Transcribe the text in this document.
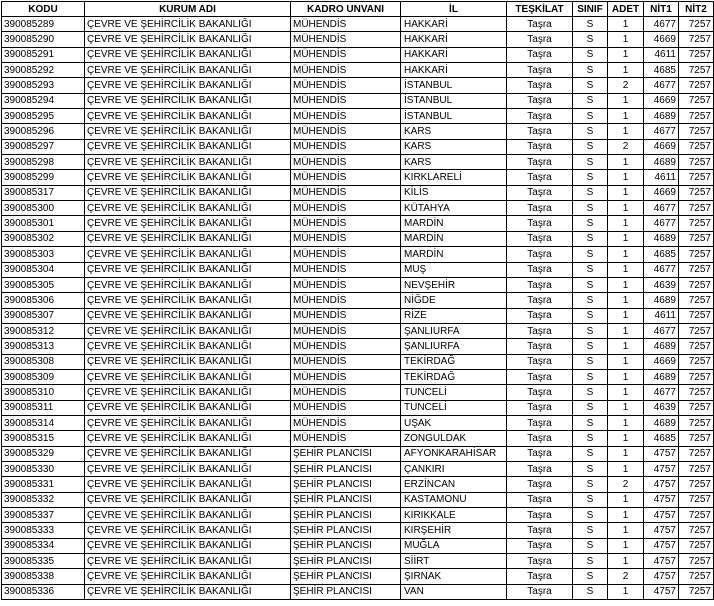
KODU	KURUM ADI	KADRO UNVANI	İL	TEŞKİLAT	SINIF	ADET	NİT1	NİT2
390085289	ÇEVRE VE ŞEHİRCİLİK BAKANLIĞI	MÜHENDİS	HAKKARİ	Taşra	S	1	4677	7257
390085290	ÇEVRE VE ŞEHİRCİLİK BAKANLIĞI	MÜHENDİS	HAKKARİ	Taşra	S	1	4669	7257
390085291	ÇEVRE VE ŞEHİRCİLİK BAKANLIĞI	MÜHENDİS	HAKKARİ	Taşra	S	1	4611	7257
390085292	ÇEVRE VE ŞEHİRCİLİK BAKANLIĞI	MÜHENDİS	HAKKARİ	Taşra	S	1	4685	7257
390085293	ÇEVRE VE ŞEHİRCİLİK BAKANLIĞI	MÜHENDİS	İSTANBUL	Taşra	S	2	4677	7257
390085294	ÇEVRE VE ŞEHİRCİLİK BAKANLIĞI	MÜHENDİS	İSTANBUL	Taşra	S	1	4669	7257
390085295	ÇEVRE VE ŞEHİRCİLİK BAKANLIĞI	MÜHENDİS	İSTANBUL	Taşra	S	1	4689	7257
390085296	ÇEVRE VE ŞEHİRCİLİK BAKANLIĞI	MÜHENDİS	KARS	Taşra	S	1	4677	7257
390085297	ÇEVRE VE ŞEHİRCİLİK BAKANLIĞI	MÜHENDİS	KARS	Taşra	S	2	4669	7257
390085298	ÇEVRE VE ŞEHİRCİLİK BAKANLIĞI	MÜHENDİS	KARS	Taşra	S	1	4689	7257
390085299	ÇEVRE VE ŞEHİRCİLİK BAKANLIĞI	MÜHENDİS	KIRKLARELİ	Taşra	S	1	4611	7257
390085317	ÇEVRE VE ŞEHİRCİLİK BAKANLIĞI	MÜHENDİS	KİLİS	Taşra	S	1	4669	7257
390085300	ÇEVRE VE ŞEHİRCİLİK BAKANLIĞI	MÜHENDİS	KÜTAHYA	Taşra	S	1	4677	7257
390085301	ÇEVRE VE ŞEHİRCİLİK BAKANLIĞI	MÜHENDİS	MARDİN	Taşra	S	1	4677	7257
390085302	ÇEVRE VE ŞEHİRCİLİK BAKANLIĞI	MÜHENDİS	MARDİN	Taşra	S	1	4689	7257
390085303	ÇEVRE VE ŞEHİRCİLİK BAKANLIĞI	MÜHENDİS	MARDİN	Taşra	S	1	4685	7257
390085304	ÇEVRE VE ŞEHİRCİLİK BAKANLIĞI	MÜHENDİS	MUŞ	Taşra	S	1	4677	7257
390085305	ÇEVRE VE ŞEHİRCİLİK BAKANLIĞI	MÜHENDİS	NEVŞEHİR	Taşra	S	1	4639	7257
390085306	ÇEVRE VE ŞEHİRCİLİK BAKANLIĞI	MÜHENDİS	NİĞDE	Taşra	S	1	4689	7257
390085307	ÇEVRE VE ŞEHİRCİLİK BAKANLIĞI	MÜHENDİS	RİZE	Taşra	S	1	4611	7257
390085312	ÇEVRE VE ŞEHİRCİLİK BAKANLIĞI	MÜHENDİS	ŞANLIURFA	Taşra	S	1	4677	7257
390085313	ÇEVRE VE ŞEHİRCİLİK BAKANLIĞI	MÜHENDİS	ŞANLIURFA	Taşra	S	1	4689	7257
390085308	ÇEVRE VE ŞEHİRCİLİK BAKANLIĞI	MÜHENDİS	TEKİRDAĞ	Taşra	S	1	4669	7257
390085309	ÇEVRE VE ŞEHİRCİLİK BAKANLIĞI	MÜHENDİS	TEKİRDAĞ	Taşra	S	1	4689	7257
390085310	ÇEVRE VE ŞEHİRCİLİK BAKANLIĞI	MÜHENDİS	TUNCELİ	Taşra	S	1	4677	7257
390085311	ÇEVRE VE ŞEHİRCİLİK BAKANLIĞI	MÜHENDİS	TUNCELİ	Taşra	S	1	4639	7257
390085314	ÇEVRE VE ŞEHİRCİLİK BAKANLIĞI	MÜHENDİS	UŞAK	Taşra	S	1	4689	7257
390085315	ÇEVRE VE ŞEHİRCİLİK BAKANLIĞI	MÜHENDİS	ZONGULDAK	Taşra	S	1	4685	7257
390085329	ÇEVRE VE ŞEHİRCİLİK BAKANLIĞI	ŞEHİR PLANCISI	AFYONKARAHİSAR	Taşra	S	1	4757	7257
390085330	ÇEVRE VE ŞEHİRCİLİK BAKANLIĞI	ŞEHİR PLANCISI	ÇANKIRI	Taşra	S	1	4757	7257
390085331	ÇEVRE VE ŞEHİRCİLİK BAKANLIĞI	ŞEHİR PLANCISI	ERZİNCAN	Taşra	S	2	4757	7257
390085332	ÇEVRE VE ŞEHİRCİLİK BAKANLIĞI	ŞEHİR PLANCISI	KASTAMONU	Taşra	S	1	4757	7257
390085337	ÇEVRE VE ŞEHİRCİLİK BAKANLIĞI	ŞEHİR PLANCISI	KIRIKKALE	Taşra	S	1	4757	7257
390085333	ÇEVRE VE ŞEHİRCİLİK BAKANLIĞI	ŞEHİR PLANCISI	KIRŞEHİR	Taşra	S	1	4757	7257
390085334	ÇEVRE VE ŞEHİRCİLİK BAKANLIĞI	ŞEHİR PLANCISI	MUĞLA	Taşra	S	1	4757	7257
390085335	ÇEVRE VE ŞEHİRCİLİK BAKANLIĞI	ŞEHİR PLANCISI	SİİRT	Taşra	S	1	4757	7257
390085338	ÇEVRE VE ŞEHİRCİLİK BAKANLIĞI	ŞEHİR PLANCISI	ŞIRNAK	Taşra	S	2	4757	7257
390085336	ÇEVRE VE ŞEHİRCİLİK BAKANLIĞI	ŞEHİR PLANCISI	VAN	Taşra	S	1	4757	7257
